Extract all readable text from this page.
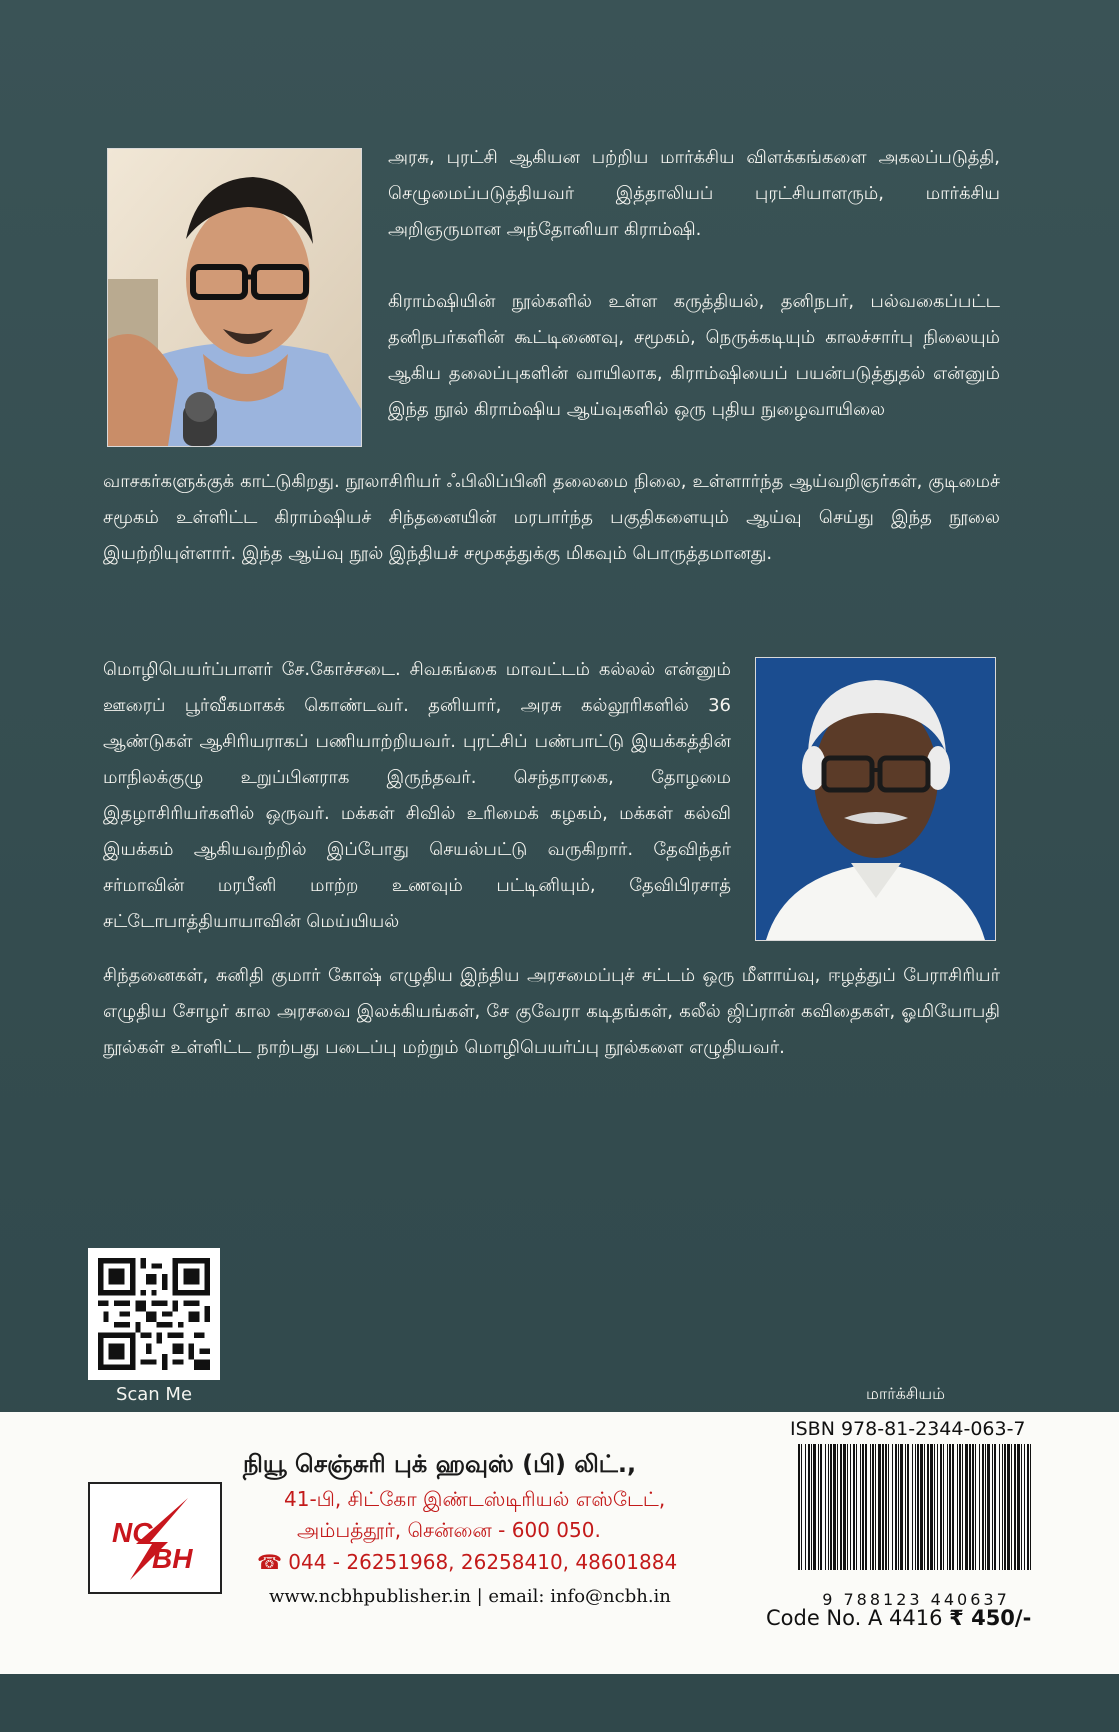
அரசு, புரட்சி ஆகியன பற்றிய மார்க்சிய விளக்கங்களை அகலப்படுத்தி, செழுமைப்படுத்தியவர் இத்தாலியப் புரட்சியாளரும், மார்க்சிய அறிஞருமான அந்தோனியா கிராம்ஷி.

கிராம்ஷியின் நூல்களில் உள்ள கருத்தியல், தனிநபர், பல்வகைப்பட்ட தனிநபர்களின் கூட்டிணைவு, சமூகம், நெருக்கடியும் காலச்சார்பு நிலையும் ஆகிய தலைப்புகளின் வாயிலாக, கிராம்ஷியைப் பயன்படுத்துதல் என்னும் இந்த நூல் கிராம்ஷிய ஆய்வுகளில் ஒரு புதிய நுழைவாயிலை

வாசகர்களுக்குக் காட்டுகிறது. நூலாசிரியர் ஃபிலிப்பினி தலைமை நிலை, உள்ளார்ந்த ஆய்வறிஞர்கள், குடிமைச் சமூகம் உள்ளிட்ட கிராம்ஷியச் சிந்தனையின் மரபார்ந்த பகுதிகளையும் ஆய்வு செய்து இந்த நூலை இயற்றியுள்ளார். இந்த ஆய்வு நூல் இந்தியச் சமூகத்துக்கு மிகவும் பொருத்தமானது.

மொழிபெயர்ப்பாளர் சே.கோச்சடை. சிவகங்கை மாவட்டம் கல்லல் என்னும் ஊரைப் பூர்வீகமாகக் கொண்டவர். தனியார், அரசு கல்லூரிகளில் 36 ஆண்டுகள் ஆசிரியராகப் பணியாற்றியவர். புரட்சிப் பண்பாட்டு இயக்கத்தின் மாநிலக்குழு உறுப்பினராக இருந்தவர். செந்தாரகை, தோழமை இதழாசிரியர்களில் ஒருவர். மக்கள் சிவில் உரிமைக் கழகம், மக்கள் கல்வி இயக்கம் ஆகியவற்றில் இப்போது செயல்பட்டு வருகிறார். தேவிந்தர் சர்மாவின் மரபீனி மாற்ற உணவும் பட்டினியும், தேவிபிரசாத் சட்டோபாத்தியாயாவின் மெய்யியல்

சிந்தனைகள், சுனிதி குமார் கோஷ் எழுதிய இந்திய அரசமைப்புச் சட்டம் ஒரு மீளாய்வு, ஈழத்துப் பேராசிரியர் எழுதிய சோழர் கால அரசவை இலக்கியங்கள், சே குவேரா கடிதங்கள், கலீல் ஜிப்ரான் கவிதைகள், ஓமியோபதி நூல்கள் உள்ளிட்ட நாற்பது படைப்பு மற்றும் மொழிபெயர்ப்பு நூல்களை எழுதியவர்.

Scan Me	மார்க்சியம்
NC
BH
நியூ செஞ்சுரி புக் ஹவுஸ் (பி) லிட்.,
41-பி, சிட்கோ இண்டஸ்டிரியல் எஸ்டேட்,
அம்பத்தூர், சென்னை - 600 050.
☎ 044 - 26251968, 26258410, 48601884
www.ncbhpublisher.in | email: info@ncbh.in
ISBN 978-81-2344-063-7
9 788123 440637
Code No. A 4416 ₹ 450/-
